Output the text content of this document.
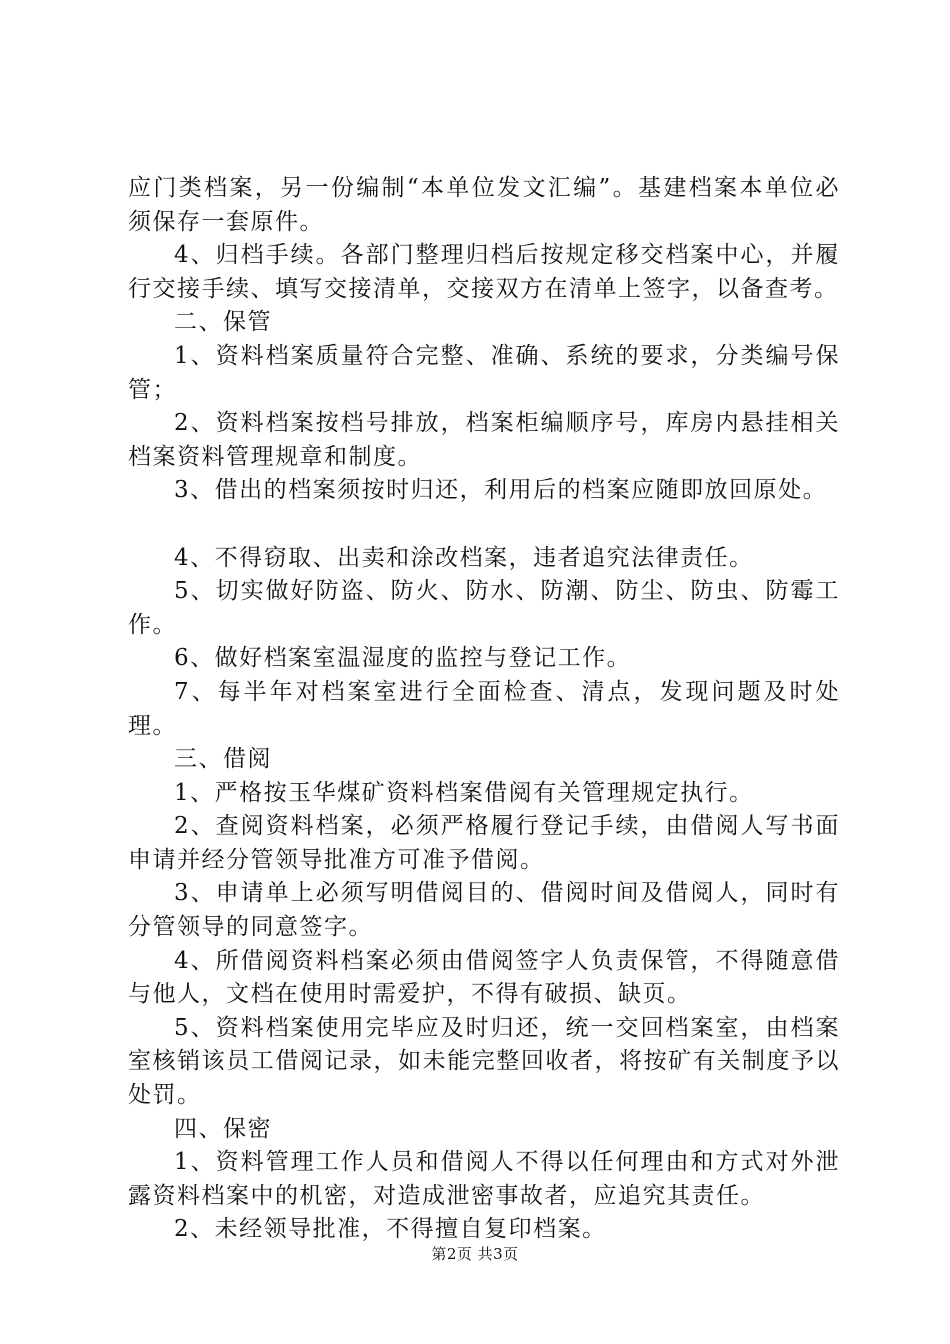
应门类档案，另一份编制“本单位发文汇编”。基建档案本单位必须保存一套原件。

4、归档手续。各部门整理归档后按规定移交档案中心，并履行交接手续、填写交接清单，交接双方在清单上签字，以备查考。

二、保管

1、资料档案质量符合完整、准确、系统的要求，分类编号保管；

2、资料档案按档号排放，档案柜编顺序号，库房内悬挂相关档案资料管理规章和制度。

3、借出的档案须按时归还，利用后的档案应随即放回原处。

4、不得窃取、出卖和涂改档案，违者追究法律责任。

5、切实做好防盗、防火、防水、防潮、防尘、防虫、防霉工作。

6、做好档案室温湿度的监控与登记工作。

7、每半年对档案室进行全面检查、清点，发现问题及时处理。

三、借阅

1、严格按玉华煤矿资料档案借阅有关管理规定执行。

2、查阅资料档案，必须严格履行登记手续，由借阅人写书面申请并经分管领导批准方可准予借阅。

3、申请单上必须写明借阅目的、借阅时间及借阅人，同时有分管领导的同意签字。

4、所借阅资料档案必须由借阅签字人负责保管，不得随意借与他人，文档在使用时需爱护，不得有破损、缺页。

5、资料档案使用完毕应及时归还，统一交回档案室，由档案室核销该员工借阅记录，如未能完整回收者，将按矿有关制度予以处罚。

四、保密

1、资料管理工作人员和借阅人不得以任何理由和方式对外泄露资料档案中的机密，对造成泄密事故者，应追究其责任。

2、未经领导批准，不得擅自复印档案。

第2页 共3页
